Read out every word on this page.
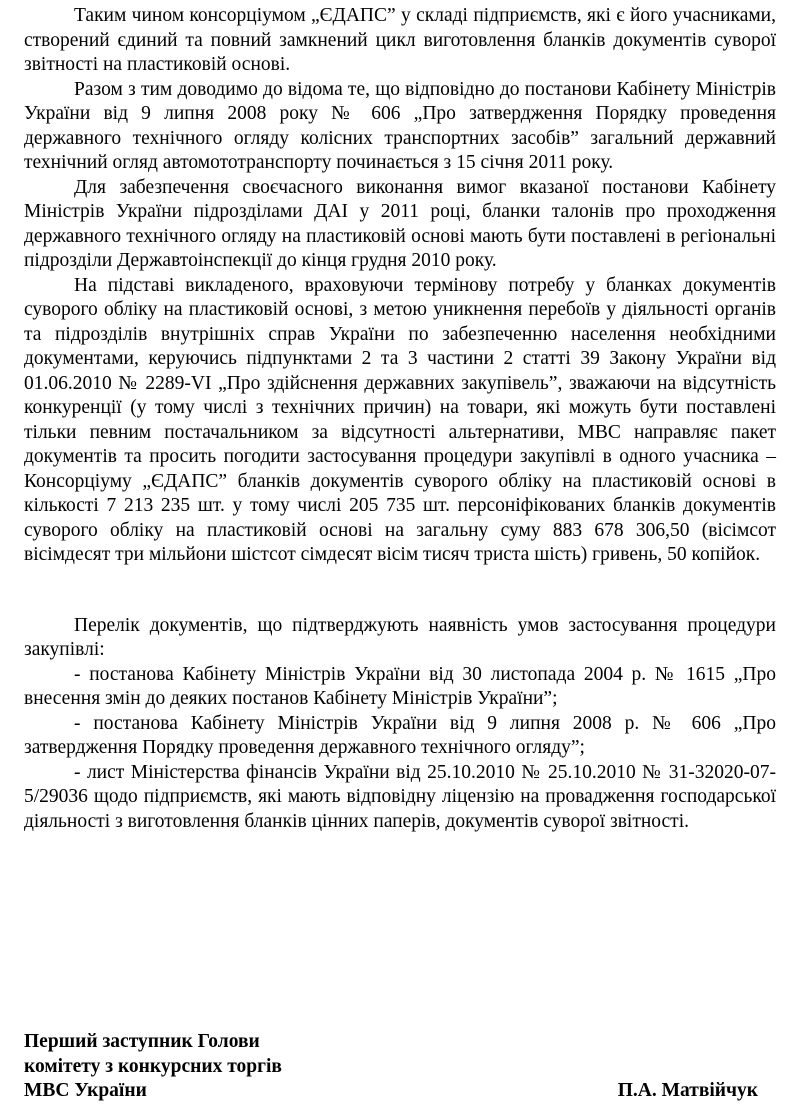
Таким чином консорціумом „ЄДАПС” у складі підприємств, які є його учасниками, створений єдиний та повний замкнений цикл виготовлення бланків документів суворої звітності на пластиковій основі.

Разом з тим доводимо до відома те, що відповідно до постанови Кабінету Міністрів України від 9 липня 2008 року № 606 „Про затвердження Порядку проведення державного технічного огляду колісних транспортних засобів” загальний державний технічний огляд автомототранспорту починається з 15 січня 2011 року.

Для забезпечення своєчасного виконання вимог вказаної постанови Кабінету Міністрів України підрозділами ДАІ у 2011 році, бланки талонів про проходження державного технічного огляду на пластиковій основі мають бути поставлені в регіональні підрозділи Державтоінспекції до кінця грудня 2010 року.

На підставі викладеного, враховуючи термінову потребу у бланках документів суворого обліку на пластиковій основі, з метою уникнення перебоїв у діяльності органів та підрозділів внутрішніх справ України по забезпеченню населення необхідними документами, керуючись підпунктами 2 та 3 частини 2 статті 39 Закону України від 01.06.2010 № 2289-VI „Про здійснення державних закупівель”, зважаючи на відсутність конкуренції (у тому числі з технічних причин) на товари, які можуть бути поставлені тільки певним постачальником за відсутності альтернативи, МВС направляє пакет документів та просить погодити застосування процедури закупівлі в одного учасника – Консорціуму „ЄДАПС” бланків документів суворого обліку на пластиковій основі в кількості 7 213 235 шт. у тому числі 205 735 шт. персоніфікованих бланків документів суворого обліку на пластиковій основі на загальну суму 883 678 306,50 (вісімсот вісімдесят три мільйони шістсот сімдесят вісім тисяч триста шість) гривень, 50 копійок.

Перелік документів, що підтверджують наявність умов застосування процедури закупівлі:

- постанова Кабінету Міністрів України від 30 листопада 2004 р. № 1615 „Про внесення змін до деяких постанов Кабінету Міністрів України”;

- постанова Кабінету Міністрів України від 9 липня 2008 р. № 606 „Про затвердження Порядку проведення державного технічного огляду”;

- лист Міністерства фінансів України від 25.10.2010 № 25.10.2010 № 31-32020-07-5/29036 щодо підприємств, які мають відповідну ліцензію на провадження господарської діяльності з виготовлення бланків цінних паперів, документів суворої звітності.

Перший заступник Голови
комітету з конкурсних торгів
МВС України	П.А. Матвійчук
